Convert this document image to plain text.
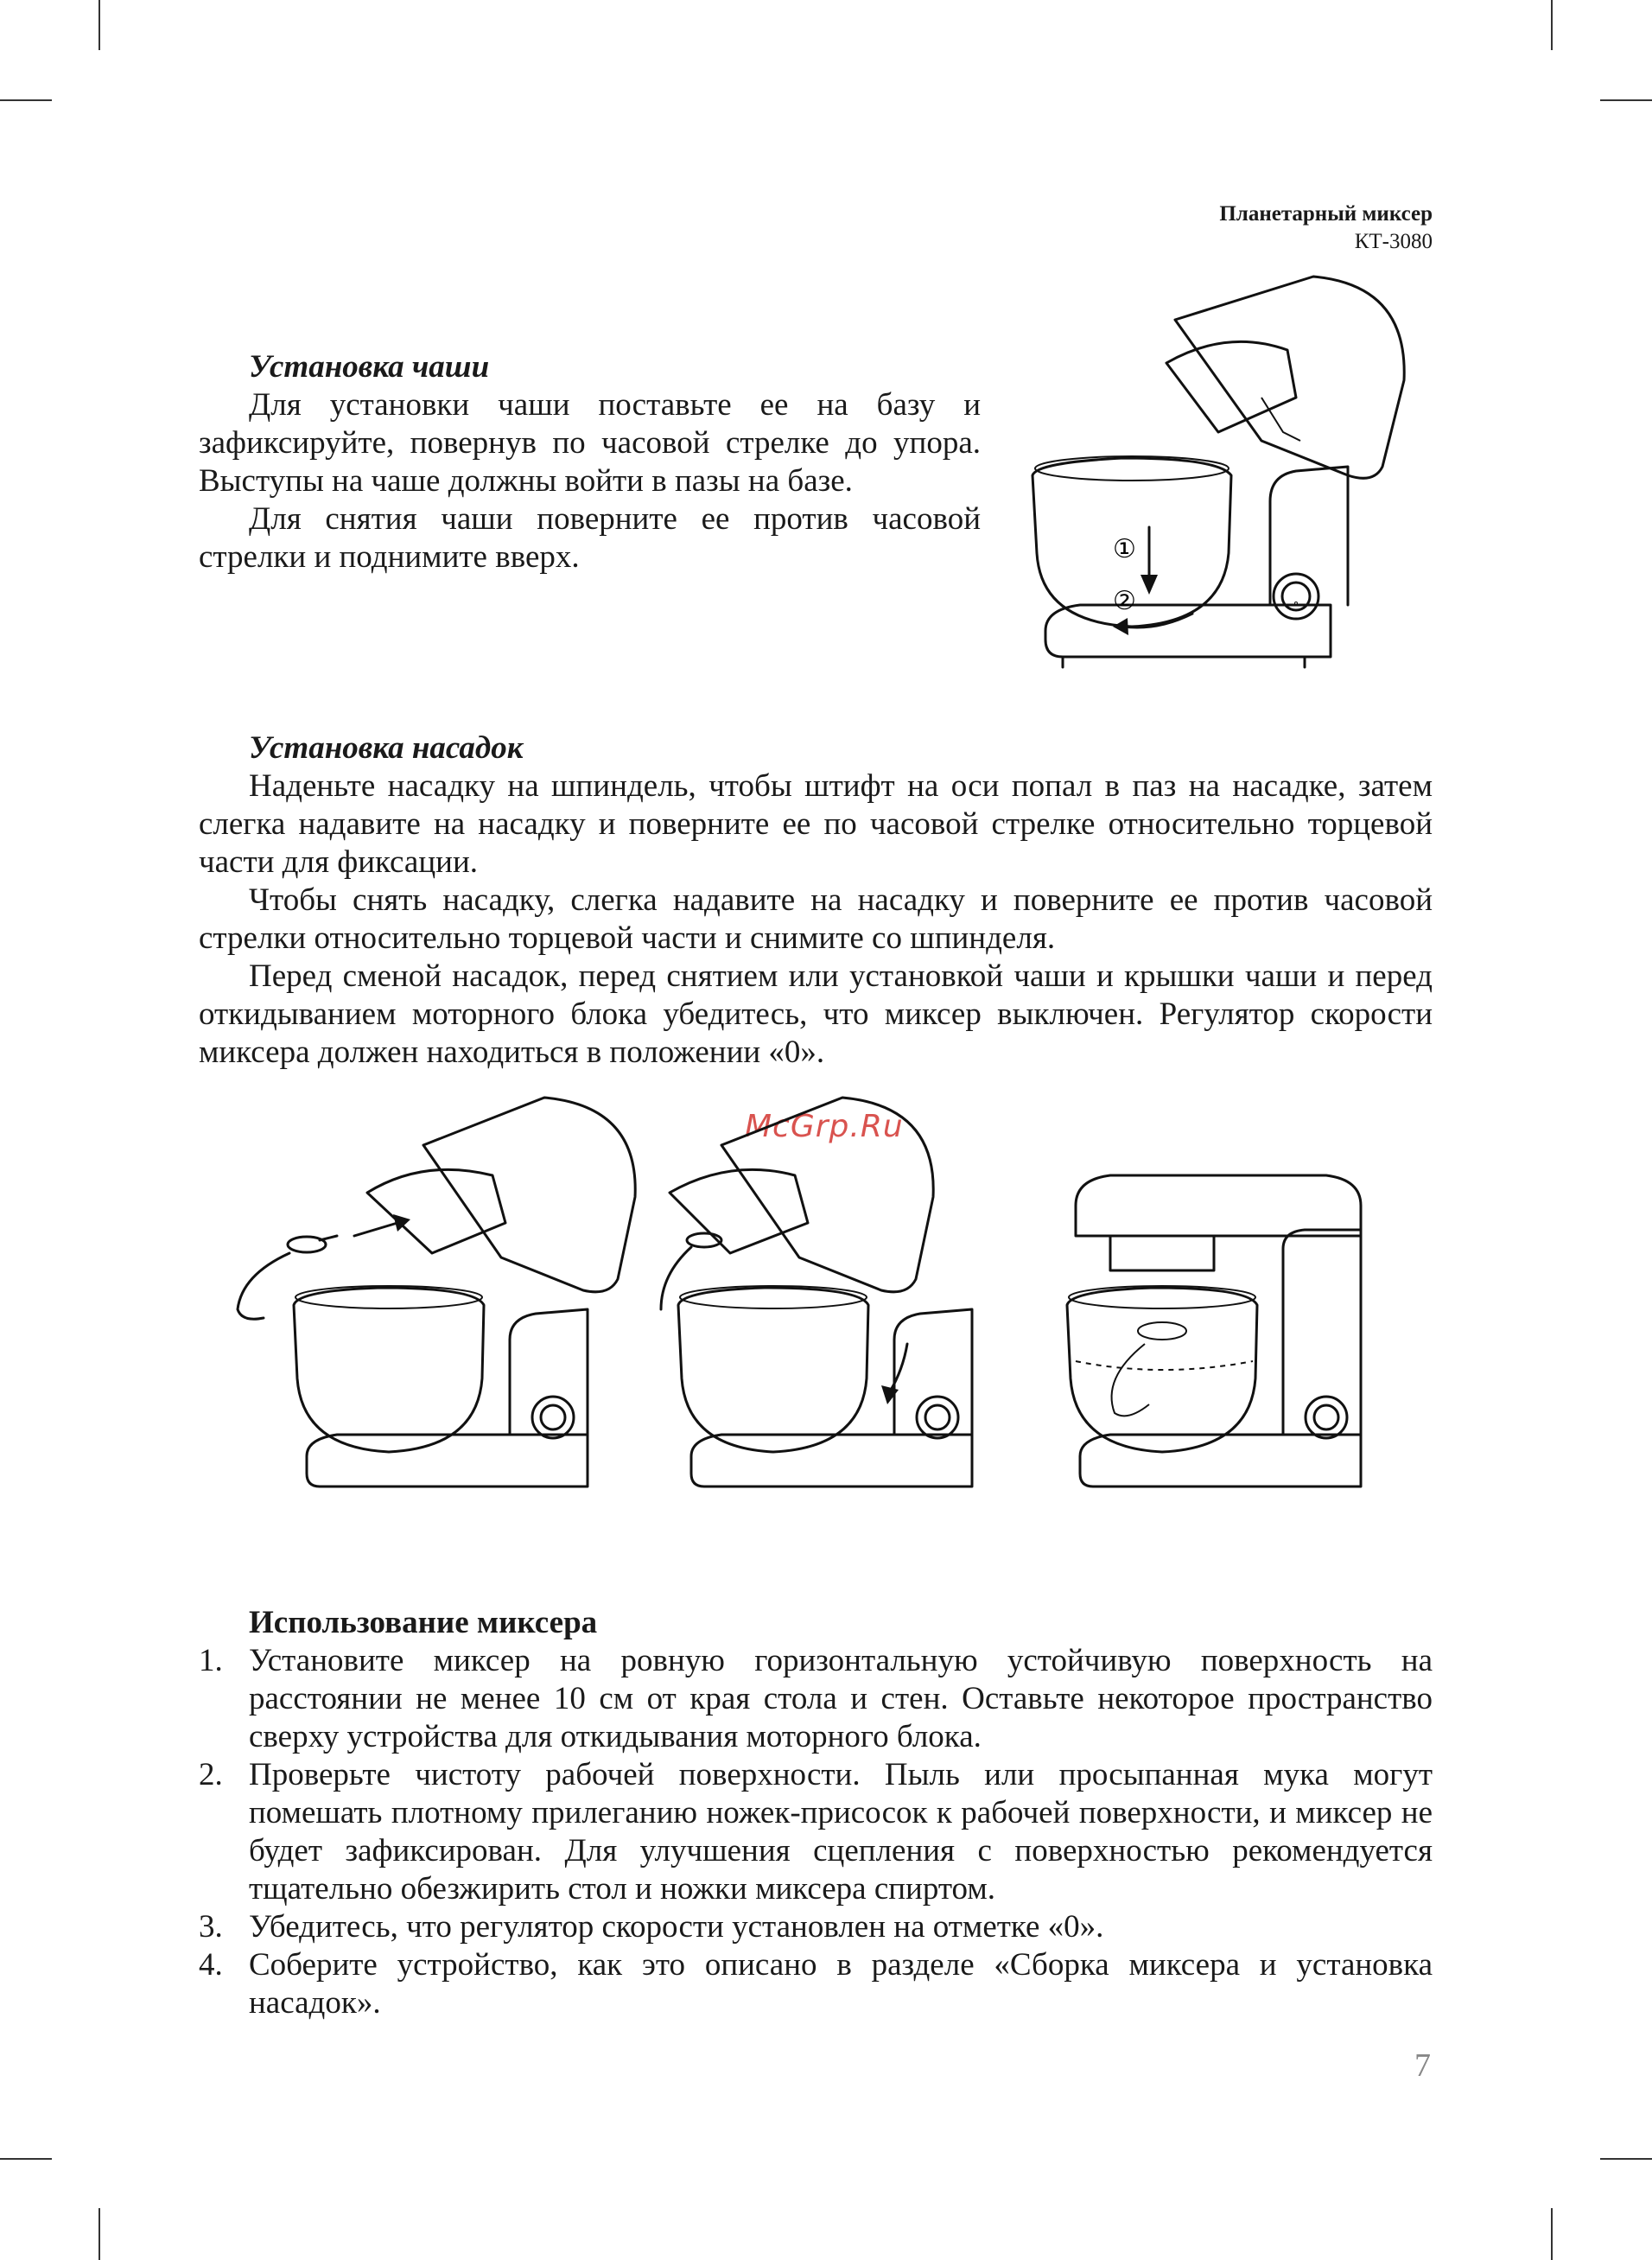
Планетарный миксер
КТ-3080

Установка чаши

Для установки чаши поставьте ее на базу и зафиксируйте, повернув по часовой стрелке до упора. Выступы на чаше должны войти в пазы на базе.

Для снятия чаши поверните ее против часовой стрелки и поднимите вверх.	①
②

Установка насадок

Наденьте насадку на шпиндель, чтобы штифт на оси попал в паз на насадке, затем слегка надавите на насадку и поверните ее по часовой стрелке относительно торцевой части для фиксации.

Чтобы снять насадку, слегка надавите на насадку и поверните ее против часовой стрелки относительно торцевой части и снимите со шпинделя.

Перед сменой насадок, перед снятием или установкой чаши и крышки чаши и перед откидыванием моторного блока убедитесь, что миксер выключен. Регулятор скорости миксера должен находиться в положении «0».

McGrp.Ru

Использование миксера

1. Установите миксер на ровную горизонтальную устойчивую поверхность на расстоянии не менее 10 см от края стола и стен. Оставьте некоторое пространство сверху устройства для откидывания моторного блока.
2. Проверьте чистоту рабочей поверхности. Пыль или просыпанная мука могут помешать плотному прилеганию ножек-присосок к рабочей поверхности, и миксер не будет зафиксирован. Для улучшения сцепления с поверхностью рекомендуется тщательно обезжирить стол и ножки миксера спиртом.
3. Убедитесь, что регулятор скорости установлен на отметке «0».
4. Соберите устройство, как это описано в разделе «Сборка миксера и установка насадок».
7
